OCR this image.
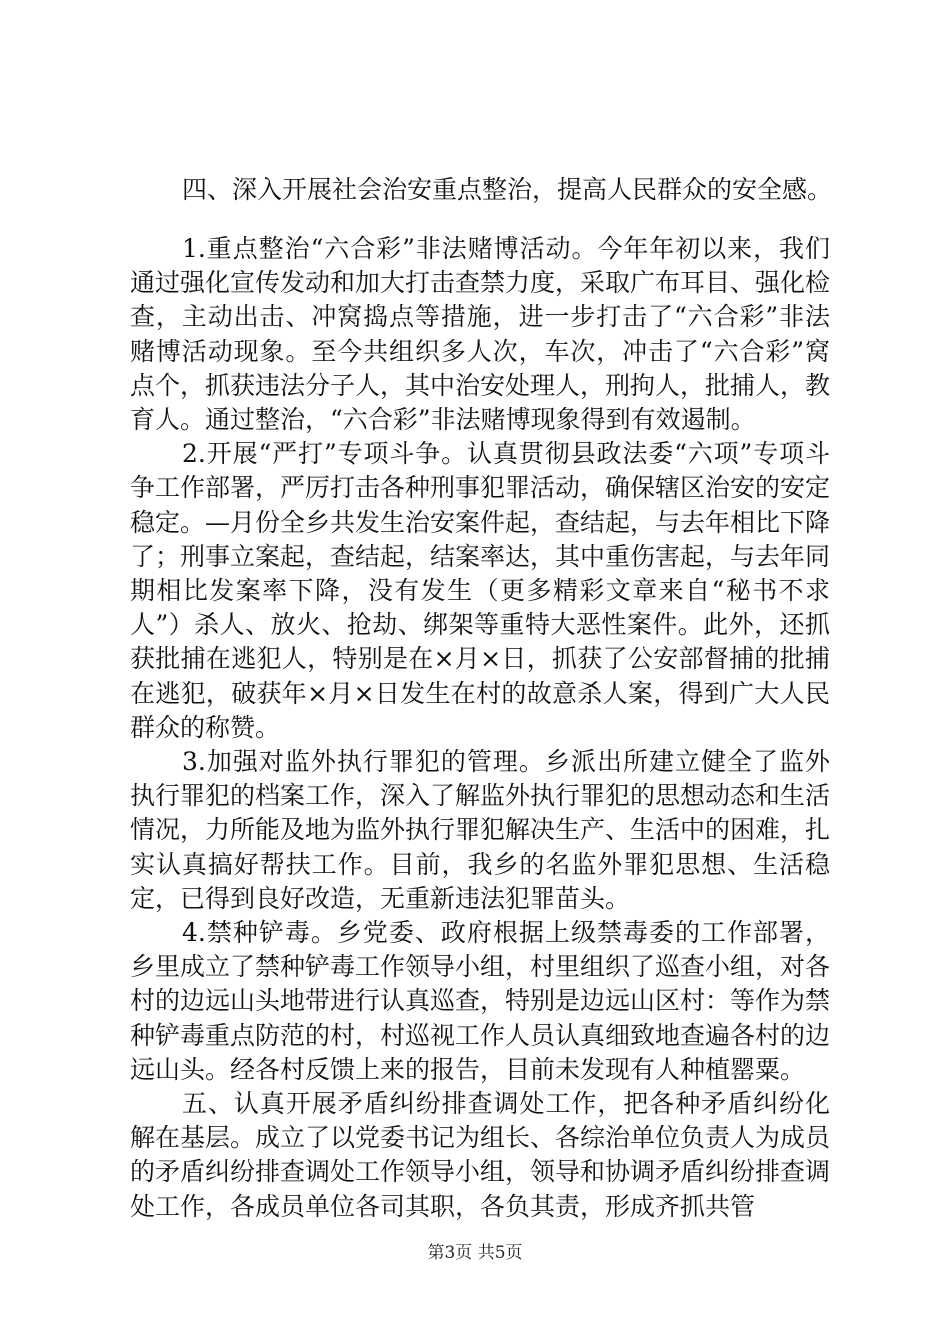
四、深入开展社会治安重点整治，提高人民群众的安全感。

1.重点整治“六合彩”非法赌博活动。今年年初以来，我们通过强化宣传发动和加大打击查禁力度，采取广布耳目、强化检查，主动出击、冲窝捣点等措施，进一步打击了“六合彩”非法赌博活动现象。至今共组织多人次，车次，冲击了“六合彩”窝点个，抓获违法分子人，其中治安处理人，刑拘人，批捕人，教育人。通过整治，“六合彩”非法赌博现象得到有效遏制。

2.开展“严打”专项斗争。认真贯彻县政法委“六项”专项斗争工作部署，严厉打击各种刑事犯罪活动，确保辖区治安的安定稳定。—月份全乡共发生治安案件起，查结起，与去年相比下降了；刑事立案起，查结起，结案率达，其中重伤害起，与去年同期相比发案率下降，没有发生（更多精彩文章来自“秘书不求人”）杀人、放火、抢劫、绑架等重特大恶性案件。此外，还抓获批捕在逃犯人，特别是在×月×日，抓获了公安部督捕的批捕在逃犯，破获年×月×日发生在村的故意杀人案，得到广大人民群众的称赞。

3.加强对监外执行罪犯的管理。乡派出所建立健全了监外执行罪犯的档案工作，深入了解监外执行罪犯的思想动态和生活情况，力所能及地为监外执行罪犯解决生产、生活中的困难，扎实认真搞好帮扶工作。目前，我乡的名监外罪犯思想、生活稳定，已得到良好改造，无重新违法犯罪苗头。

4.禁种铲毒。乡党委、政府根据上级禁毒委的工作部署，乡里成立了禁种铲毒工作领导小组，村里组织了巡查小组，对各村的边远山头地带进行认真巡查，特别是边远山区村：等作为禁种铲毒重点防范的村，村巡视工作人员认真细致地查遍各村的边远山头。经各村反馈上来的报告，目前未发现有人种植罂粟。

五、认真开展矛盾纠纷排查调处工作，把各种矛盾纠纷化解在基层。成立了以党委书记为组长、各综治单位负责人为成员的矛盾纠纷排查调处工作领导小组，领导和协调矛盾纠纷排查调处工作，各成员单位各司其职，各负其责，形成齐抓共管

第3页 共5页
